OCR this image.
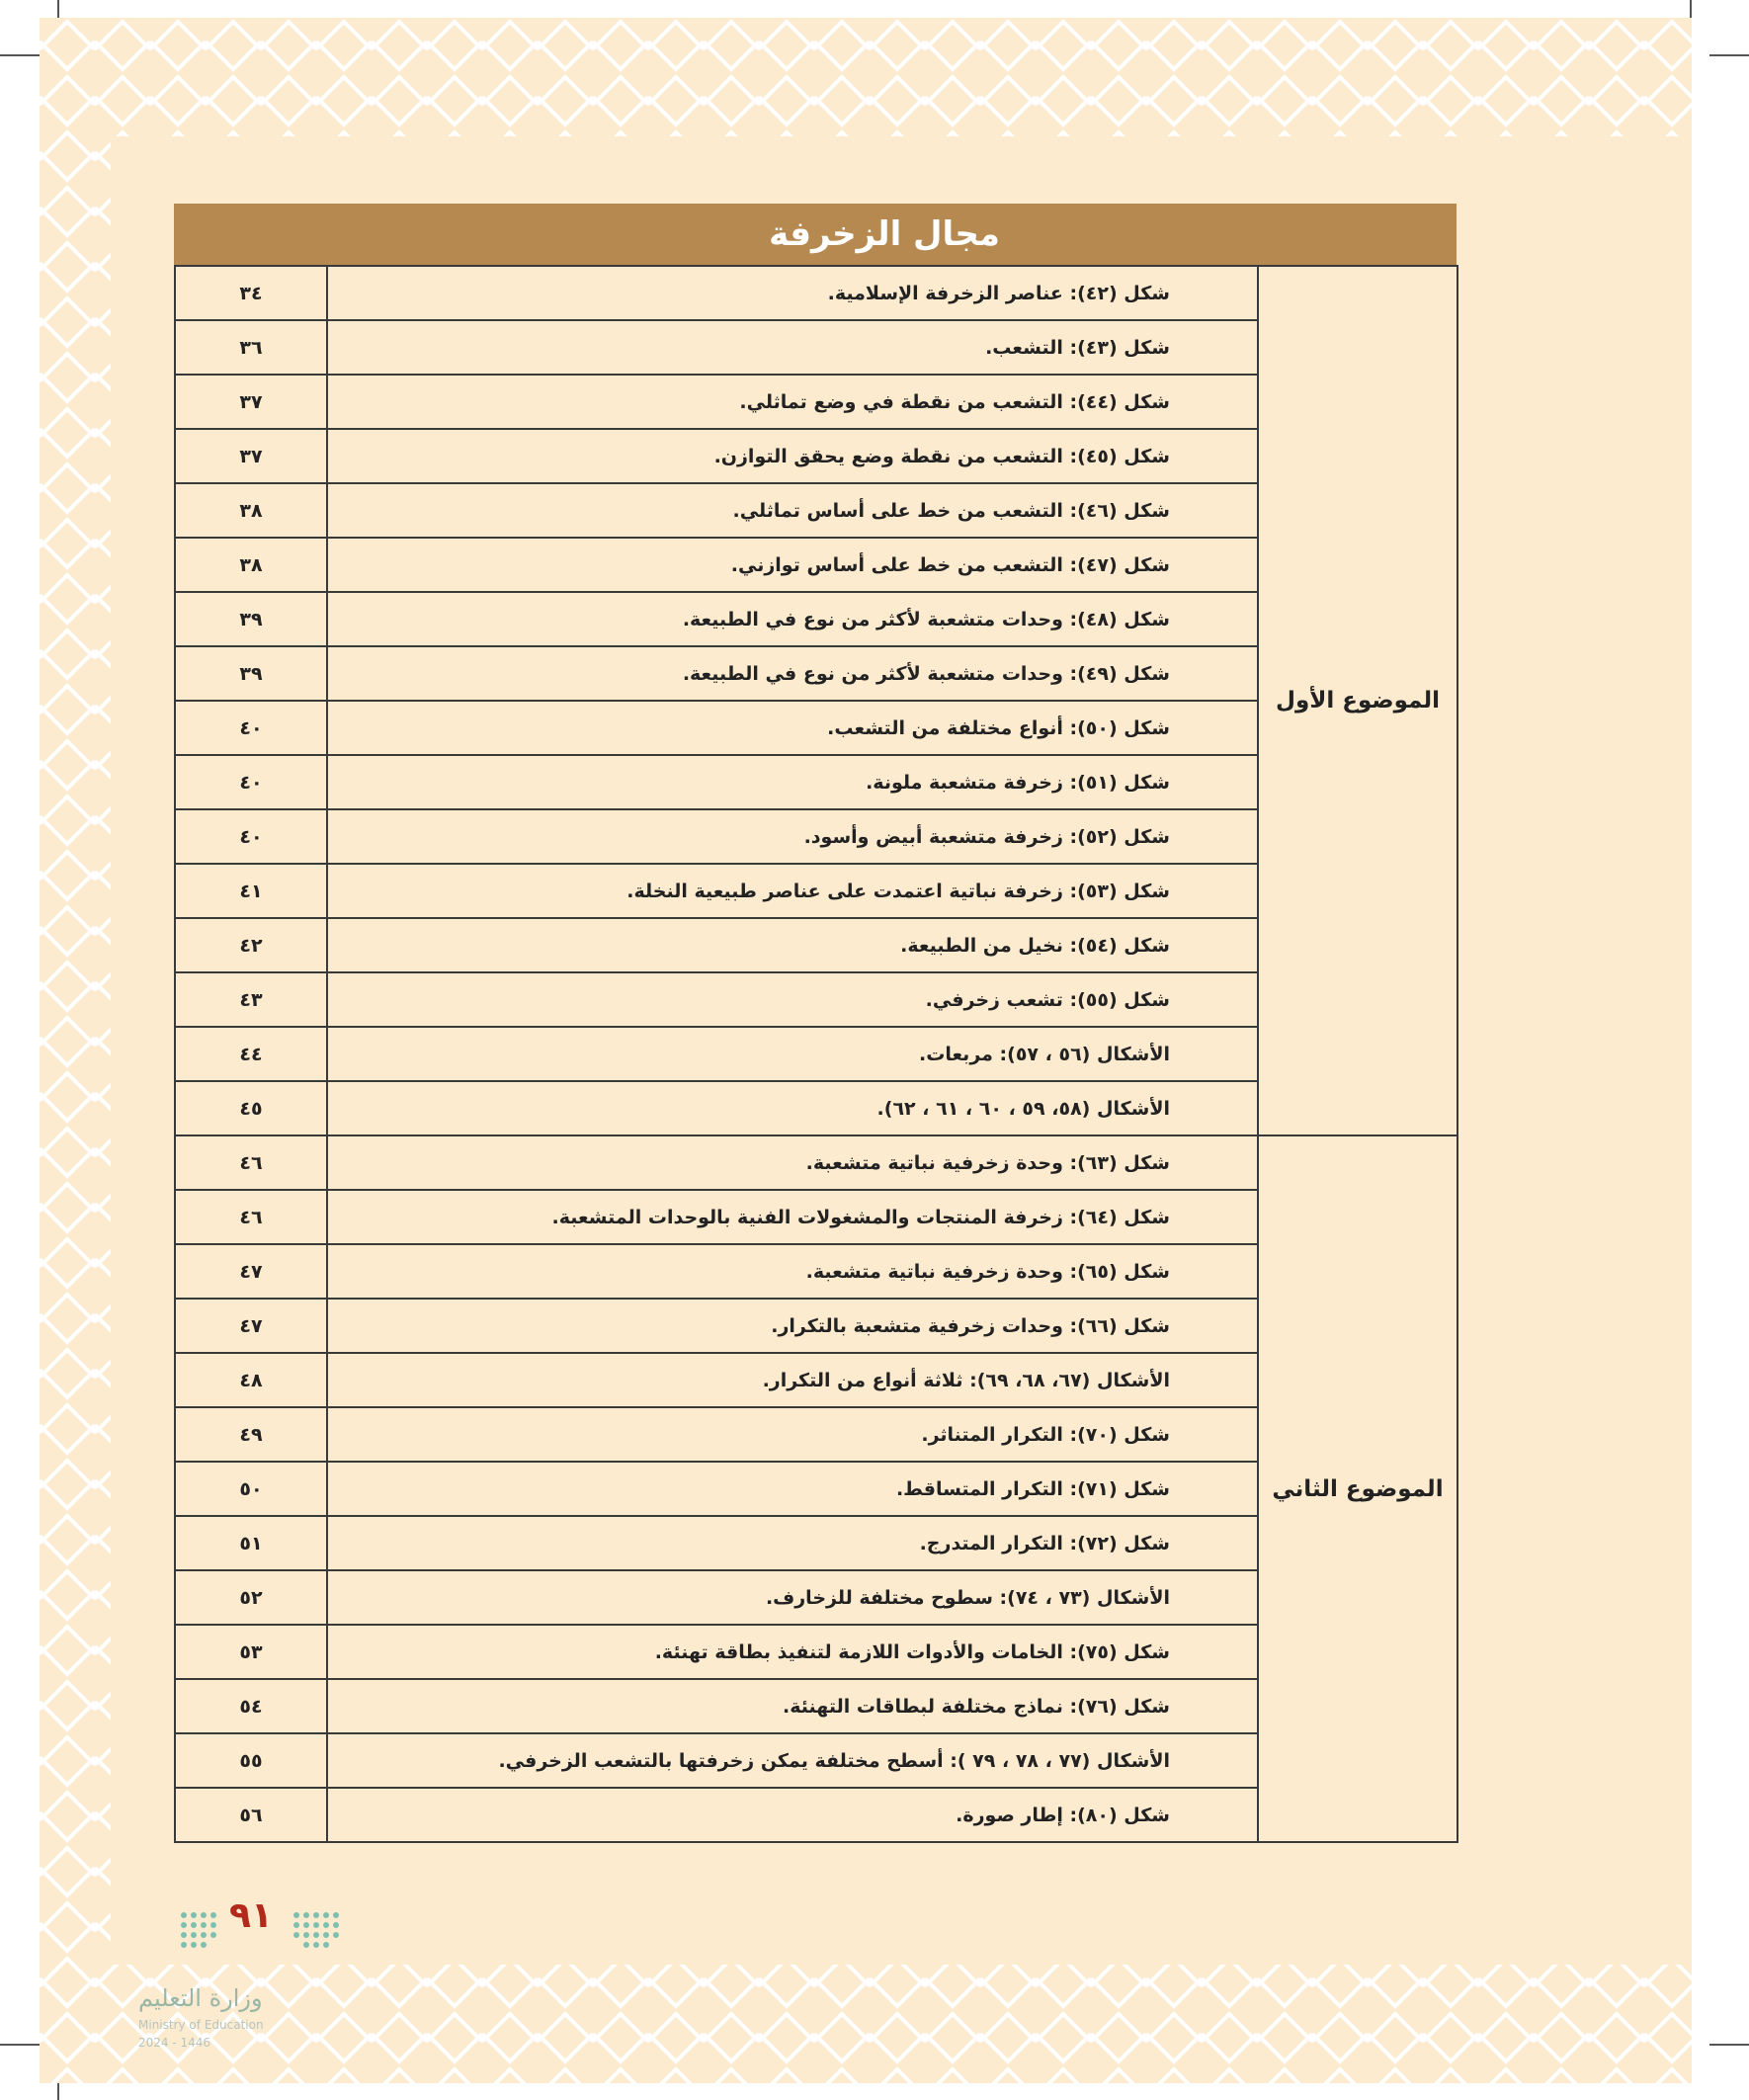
مجال الزخرفة
الموضوع الأول	شكل (٤٢): عناصر الزخرفة الإسلامية.	٣٤
	شكل (٤٣): التشعب.	٣٦
	شكل (٤٤): التشعب من نقطة في وضع تماثلي.	٣٧
	شكل (٤٥): التشعب من نقطة وضع يحقق التوازن.	٣٧
	شكل (٤٦): التشعب من خط على أساس تماثلي.	٣٨
	شكل (٤٧): التشعب من خط على أساس توازني.	٣٨
	شكل (٤٨): وحدات متشعبة لأكثر من نوع في الطبيعة.	٣٩
	شكل (٤٩): وحدات متشعبة لأكثر من نوع في الطبيعة.	٣٩
	شكل (٥٠): أنواع مختلفة من التشعب.	٤٠
	شكل (٥١): زخرفة متشعبة ملونة.	٤٠
	شكل (٥٢): زخرفة متشعبة أبيض وأسود.	٤٠
	شكل (٥٣): زخرفة نباتية اعتمدت على عناصر طبيعية النخلة.	٤١
	شكل (٥٤): نخيل من الطبيعة.	٤٢
	شكل (٥٥): تشعب زخرفي.	٤٣
	الأشكال (٥٦ ، ٥٧): مربعات.	٤٤
	الأشكال (٥٨، ٥٩ ، ٦٠ ، ٦١ ، ٦٢).	٤٥
الموضوع الثاني	شكل (٦٣): وحدة زخرفية نباتية متشعبة.	٤٦
	شكل (٦٤): زخرفة المنتجات والمشغولات الفنية بالوحدات المتشعبة.	٤٦
	شكل (٦٥): وحدة زخرفية نباتية متشعبة.	٤٧
	شكل (٦٦): وحدات زخرفية متشعبة بالتكرار.	٤٧
	الأشكال (٦٧، ٦٨، ٦٩): ثلاثة أنواع من التكرار.	٤٨
	شكل (٧٠): التكرار المتناثر.	٤٩
	شكل (٧١): التكرار المتساقط.	٥٠
	شكل (٧٢): التكرار المتدرج.	٥١
	الأشكال (٧٣ ، ٧٤): سطوح مختلفة للزخارف.	٥٢
	شكل (٧٥): الخامات والأدوات اللازمة لتنفيذ بطاقة تهنئة.	٥٣
	شكل (٧٦): نماذج مختلفة لبطاقات التهنئة.	٥٤
	الأشكال (٧٧ ، ٧٨ ، ٧٩ ): أسطح مختلفة يمكن زخرفتها بالتشعب الزخرفي.	٥٥
	شكل (٨٠): إطار صورة.	٥٦
٩١
وزارة التعليم
Ministry of Education
2024 - 1446
